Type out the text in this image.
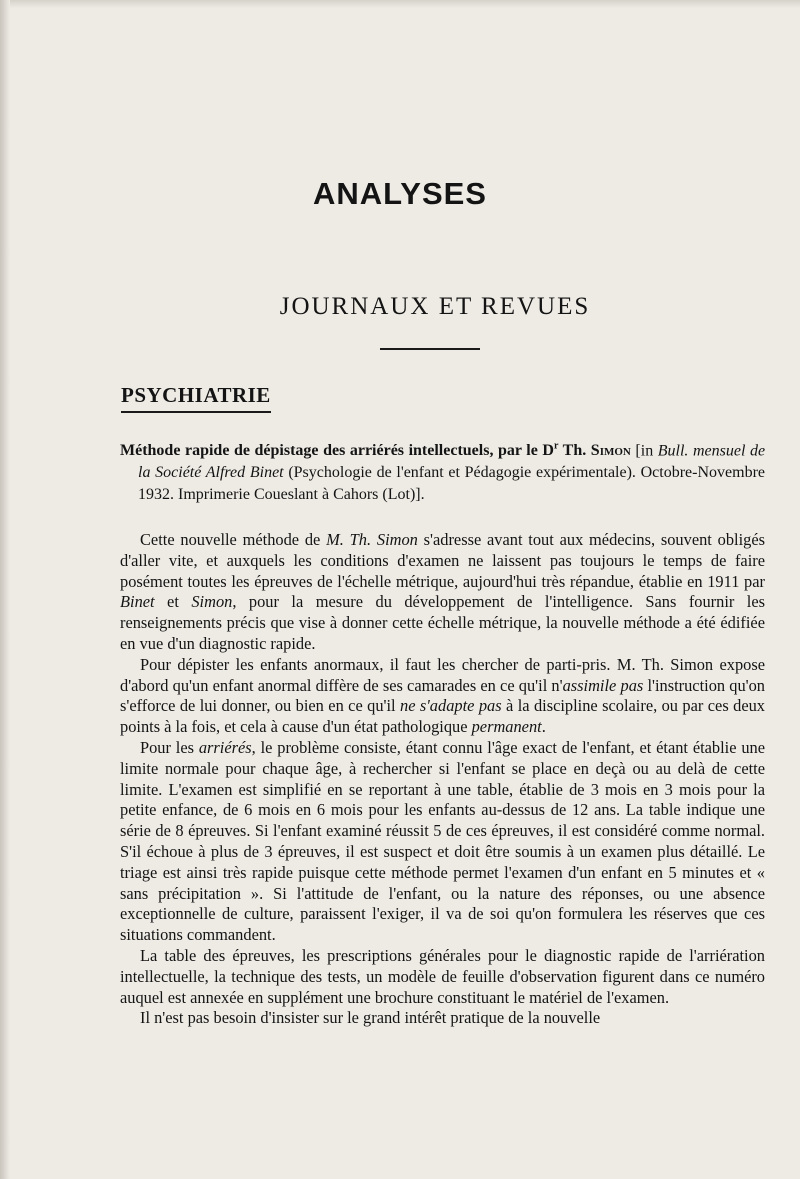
ANALYSES
JOURNAUX ET REVUES
PSYCHIATRIE
Méthode rapide de dépistage des arriérés intellectuels, par le $D^r$ Th. Simon [in Bull. mensuel de la Société Alfred Binet (Psychologie de l'enfant et Pédagogie expérimentale). Octobre-Novembre 1932. Imprimerie Coueslant à Cahors (Lot)].

Cette nouvelle méthode de M. Th. Simon s'adresse avant tout aux médecins, souvent obligés d'aller vite, et auxquels les conditions d'examen ne laissent pas toujours le temps de faire posément toutes les épreuves de l'échelle métrique, aujourd'hui très répandue, établie en 1911 par Binet et Simon, pour la mesure du développement de l'intelligence. Sans fournir les renseignements précis que vise à donner cette échelle métrique, la nouvelle méthode a été édifiée en vue d'un diagnostic rapide.

Pour dépister les enfants anormaux, il faut les chercher de parti-pris. M. Th. Simon expose d'abord qu'un enfant anormal diffère de ses camarades en ce qu'il n'assimile pas l'instruction qu'on s'efforce de lui donner, ou bien en ce qu'il ne s'adapte pas à la discipline scolaire, ou par ces deux points à la fois, et cela à cause d'un état pathologique permanent.

Pour les arriérés, le problème consiste, étant connu l'âge exact de l'enfant, et étant établie une limite normale pour chaque âge, à rechercher si l'enfant se place en deçà ou au delà de cette limite. L'examen est simplifié en se reportant à une table, établie de 3 mois en 3 mois pour la petite enfance, de 6 mois en 6 mois pour les enfants au-dessus de 12 ans. La table indique une série de 8 épreuves. Si l'enfant examiné réussit 5 de ces épreuves, il est considéré comme normal. S'il échoue à plus de 3 épreuves, il est suspect et doit être soumis à un examen plus détaillé. Le triage est ainsi très rapide puisque cette méthode permet l'examen d'un enfant en 5 minutes et « sans précipitation ». Si l'attitude de l'enfant, ou la nature des réponses, ou une absence exceptionnelle de culture, paraissent l'exiger, il va de soi qu'on formulera les réserves que ces situations commandent.

La table des épreuves, les prescriptions générales pour le diagnostic rapide de l'arriération intellectuelle, la technique des tests, un modèle de feuille d'observation figurent dans ce numéro auquel est annexée en supplément une brochure constituant le matériel de l'examen.

Il n'est pas besoin d'insister sur le grand intérêt pratique de la nouvelle
